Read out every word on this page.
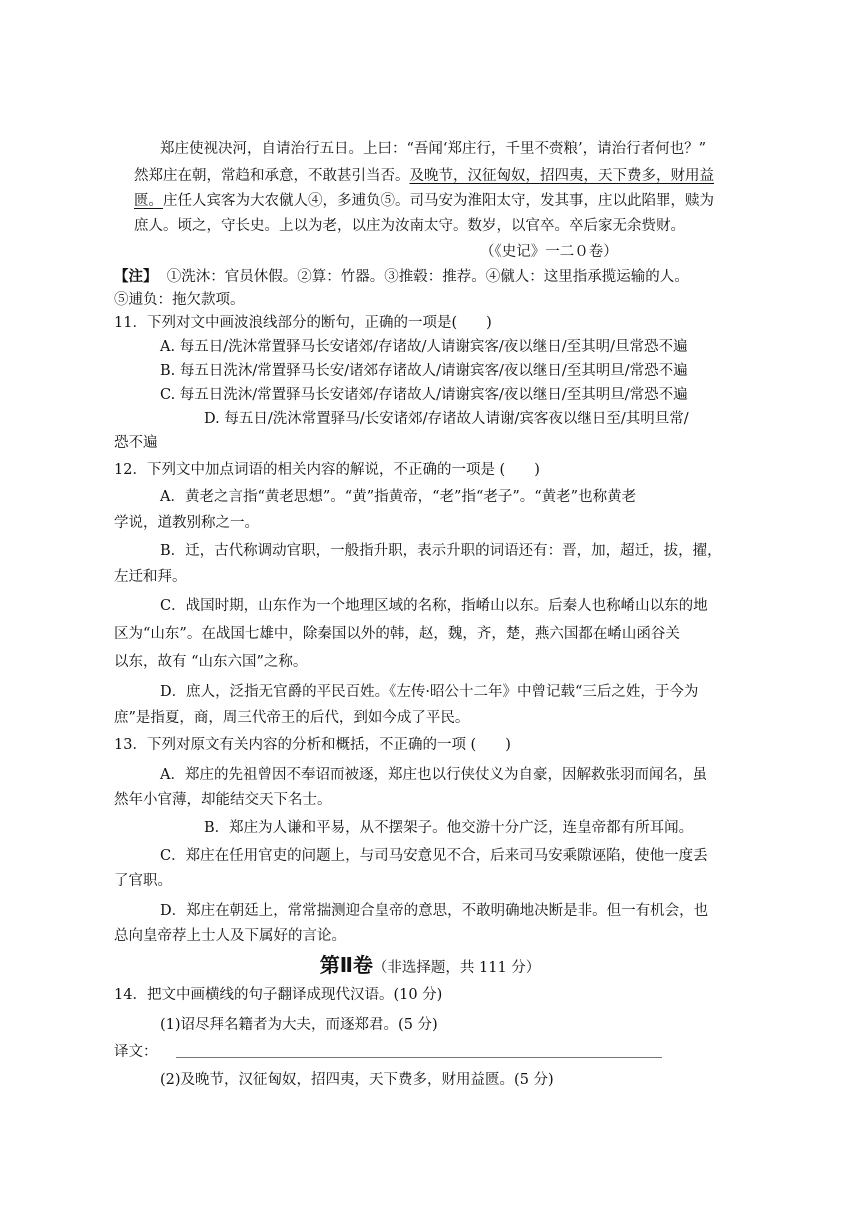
郑庄使视决河，自请治行五日。上曰：“吾闻‘郑庄行，千里不赍粮’，请治行者何也？”
然郑庄在朝，常趋和承意，不敢甚引当否。及晚节，汉征匈奴，招四夷，天下费多，财用益
匮。庄任人宾客为大农僦人④，多逋负⑤。司马安为淮阳太守，发其事，庄以此陷罪，赎为
庶人。顷之，守长史。上以为老，以庄为汝南太守。数岁，以官卒。卒后家无余赀财。
（《史记》一二０卷）
【注】 ①洗沐：官员休假。②算：竹器。③推毂：推荐。④僦人：这里指承揽运输的人。
⑤逋负：拖欠款项。
11．下列对文中画波浪线部分的断句，正确的一项是(　　)
A. 每五日/洗沐常置驿马长安诸郊/存诸故/人请谢宾客/夜以继日/至其明/旦常恐不遍
B. 每五日洗沐/常置驿马长安/诸郊存诸故人/请谢宾客/夜以继日/至其明旦/常恐不遍
C. 每五日洗沐/常置驿马长安诸郊/存诸故人/请谢宾客/夜以继日/至其明旦/常恐不遍
D. 每五日/洗沐常置驿马/长安诸郊/存诸故人请谢/宾客夜以继日至/其明旦常/
恐不遍
12．下列文中加点词语的相关内容的解说，不正确的一项是 (　　)
A．黄老之言指“黄老思想”。“黄”指黄帝，“老”指“老子”。“黄老”也称黄老
学说，道教别称之一。
B．迁，古代称调动官职，一般指升职，表示升职的词语还有：晋，加，超迁，拔，擢，
左迁和拜。
C．战国时期，山东作为一个地理区域的名称，指崤山以东。后秦人也称崤山以东的地
区为“山东”。在战国七雄中，除秦国以外的韩，赵，魏，齐，楚，燕六国都在崤山函谷关
以东，故有 “山东六国”之称。
D．庶人，泛指无官爵的平民百姓。《左传·昭公十二年》中曾记载“三后之姓，于今为
庶”是指夏，商，周三代帝王的后代，到如今成了平民。
13．下列对原文有关内容的分析和概括，不正确的一项 (　　)
A．郑庄的先祖曾因不奉诏而被逐，郑庄也以行侠仗义为自豪，因解救张羽而闻名，虽
然年小官薄，却能结交天下名士。
B．郑庄为人谦和平易，从不摆架子。他交游十分广泛，连皇帝都有所耳闻。
C．郑庄在任用官吏的问题上，与司马安意见不合，后来司马安乘隙诬陷，使他一度丢
了官职。
D．郑庄在朝廷上，常常揣测迎合皇帝的意思，不敢明确地决断是非。但一有机会，也
总向皇帝荐上士人及下属好的言论。
第Ⅱ卷（非选择题，共 111 分）
14．把文中画横线的句子翻译成现代汉语。(10 分)
(1)诏尽拜名籍者为大夫，而逐郑君。(5 分)
译文：
(2)及晚节，汉征匈奴，招四夷，天下费多，财用益匮。(5 分)
